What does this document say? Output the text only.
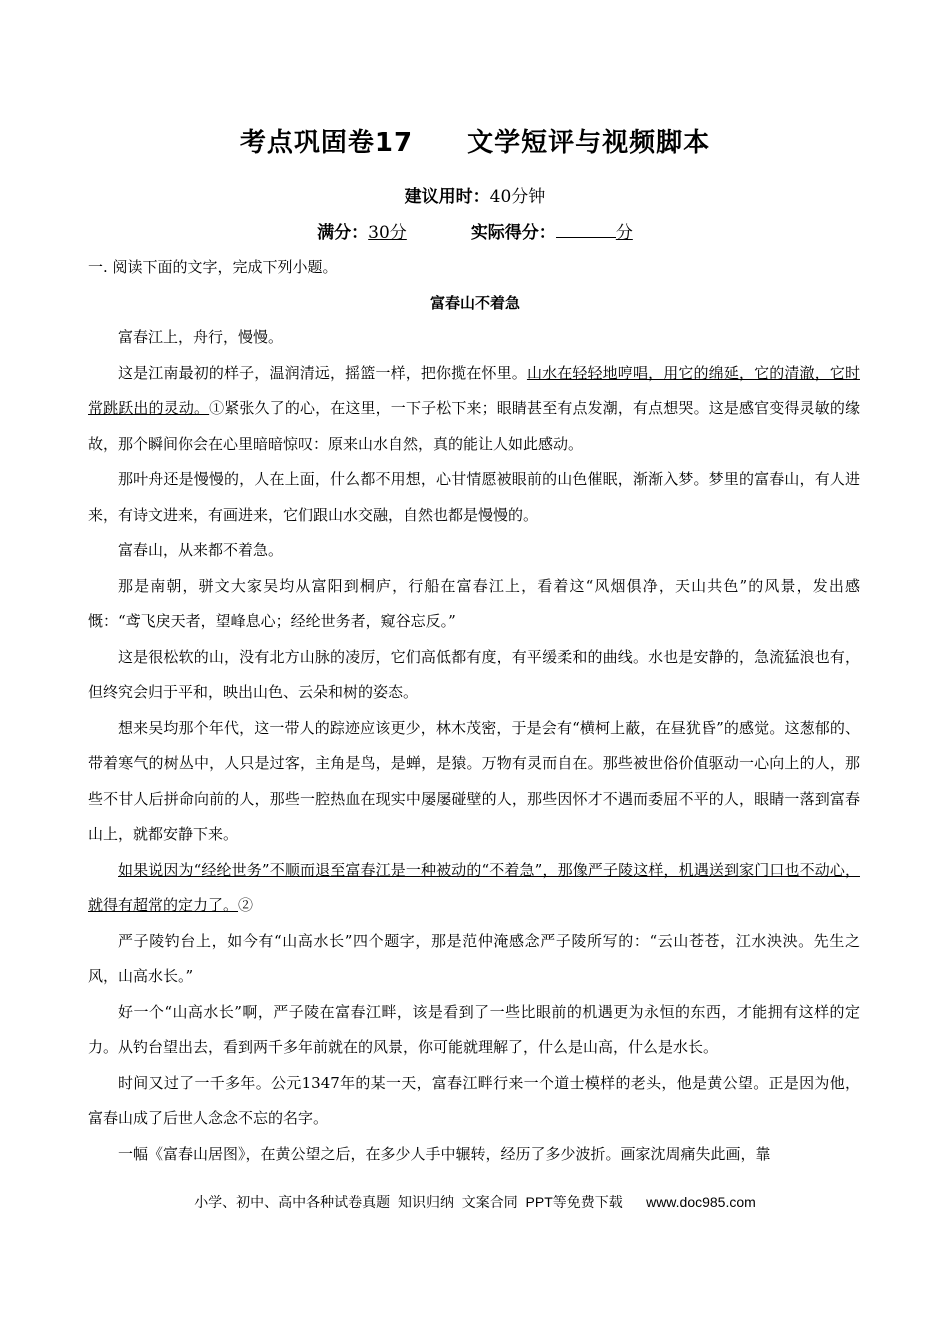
考点巩固卷17　　文学短评与视频脚本
建议用时：40分钟
满分：30分	实际得分：	分
一. 阅读下面的文字，完成下列小题。
富春山不着急

富春江上，舟行，慢慢。

这是江南最初的样子，温润清远，摇篮一样，把你揽在怀里。山水在轻轻地哼唱，用它的绵延，它的清澈，它时常跳跃出的灵动。①紧张久了的心，在这里，一下子松下来；眼睛甚至有点发潮，有点想哭。这是感官变得灵敏的缘故，那个瞬间你会在心里暗暗惊叹：原来山水自然，真的能让人如此感动。

那叶舟还是慢慢的，人在上面，什么都不用想，心甘情愿被眼前的山色催眠，渐渐入梦。梦里的富春山，有人进来，有诗文进来，有画进来，它们跟山水交融，自然也都是慢慢的。

富春山，从来都不着急。

那是南朝，骈文大家吴均从富阳到桐庐，行船在富春江上，看着这“风烟俱净，天山共色”的风景，发出感慨：“鸢飞戾天者，望峰息心；经纶世务者，窥谷忘反。”

这是很松软的山，没有北方山脉的凌厉，它们高低都有度，有平缓柔和的曲线。水也是安静的，急流猛浪也有，但终究会归于平和，映出山色、云朵和树的姿态。

想来吴均那个年代，这一带人的踪迹应该更少，林木茂密，于是会有“横柯上蔽，在昼犹昏”的感觉。这葱郁的、带着寒气的树丛中，人只是过客，主角是鸟，是蝉，是猿。万物有灵而自在。那些被世俗价值驱动一心向上的人，那些不甘人后拼命向前的人，那些一腔热血在现实中屡屡碰壁的人，那些因怀才不遇而委屈不平的人，眼睛一落到富春山上，就都安静下来。

如果说因为“经纶世务”不顺而退至富春江是一种被动的“不着急”，那像严子陵这样，机遇送到家门口也不动心，就得有超常的定力了。②

严子陵钓台上，如今有“山高水长”四个题字，那是范仲淹感念严子陵所写的：“云山苍苍，江水泱泱。先生之风，山高水长。”

好一个“山高水长”啊，严子陵在富春江畔，该是看到了一些比眼前的机遇更为永恒的东西，才能拥有这样的定力。从钓台望出去，看到两千多年前就在的风景，你可能就理解了，什么是山高，什么是水长。

时间又过了一千多年。公元1347年的某一天，富春江畔行来一个道士模样的老头，他是黄公望。正是因为他，富春山成了后世人念念不忘的名字。

一幅《富春山居图》，在黄公望之后，在多少人手中辗转，经历了多少波折。画家沈周痛失此画，靠

小学、初中、高中各种试卷真题  知识归纳  文案合同  PPT等免费下载      www.doc985.com
